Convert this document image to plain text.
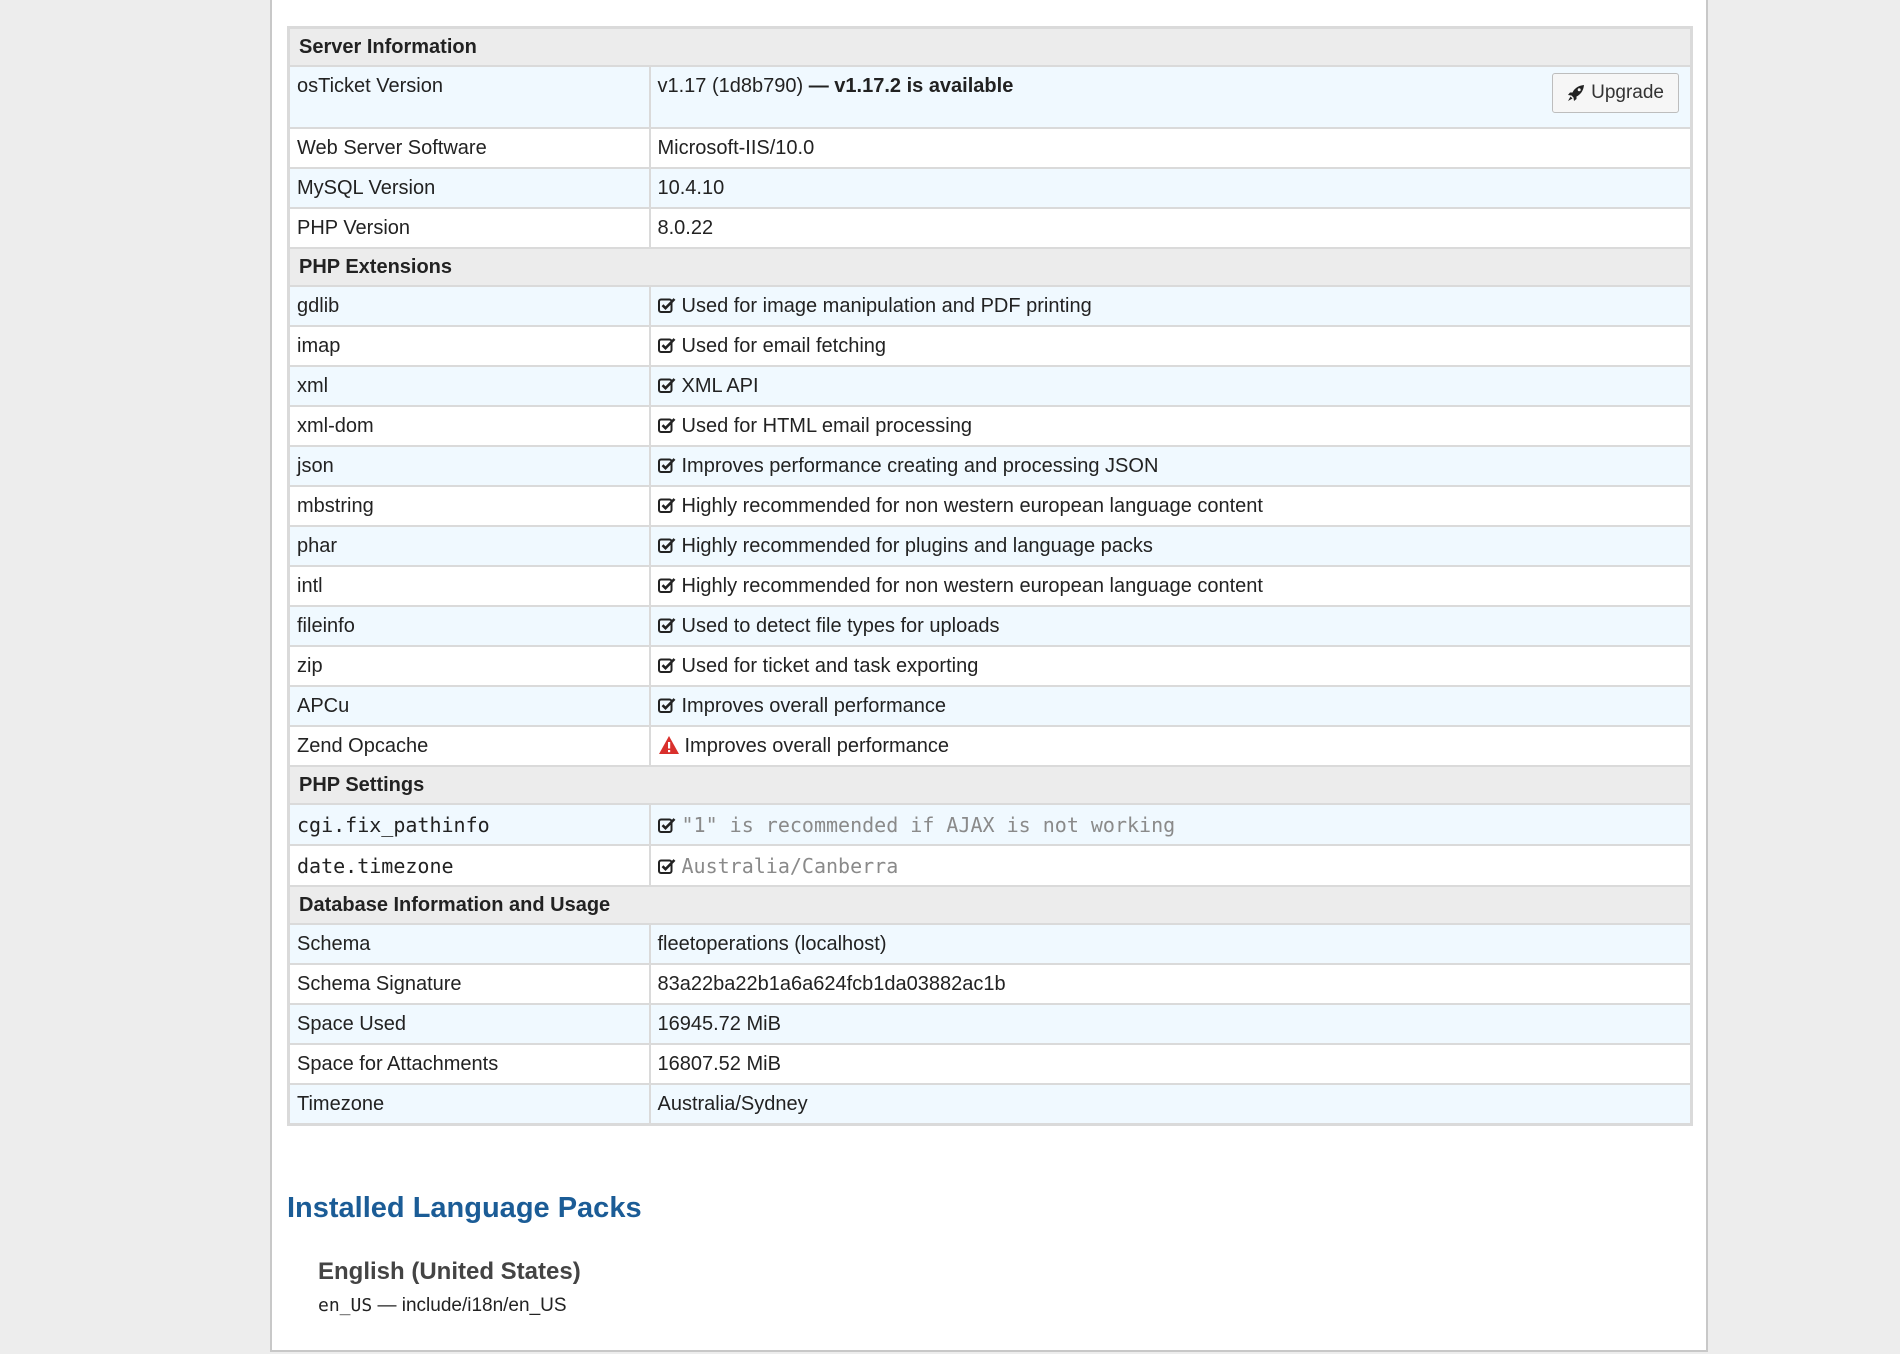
Server Information	
osTicket Version	v1.17 (1d8b790) — v1.17.2 is available Upgrade

Web Server Software	Microsoft-IIS/10.0
MySQL Version	10.4.10
PHP Version	8.0.22
PHP Extensions	
gdlib	Used for image manipulation and PDF printing
imap	Used for email fetching
xml	XML API
xml-dom	Used for HTML email processing
json	Improves performance creating and processing JSON
mbstring	Highly recommended for non western european language content
phar	Highly recommended for plugins and language packs
intl	Highly recommended for non western european language content
fileinfo	Used to detect file types for uploads
zip	Used for ticket and task exporting
APCu	Improves overall performance
Zend Opcache	Improves overall performance
PHP Settings	
cgi.fix_pathinfo	"1" is recommended if AJAX is not working
date.timezone	Australia/Canberra
Database Information and Usage	
Schema	fleetoperations (localhost)
Schema Signature	83a22ba22b1a6a624fcb1da03882ac1b
Space Used	16945.72 MiB
Space for Attachments	16807.52 MiB
Timezone	Australia/Sydney
Installed Language Packs
English (United States)
en_US — include/i18n/en_US
